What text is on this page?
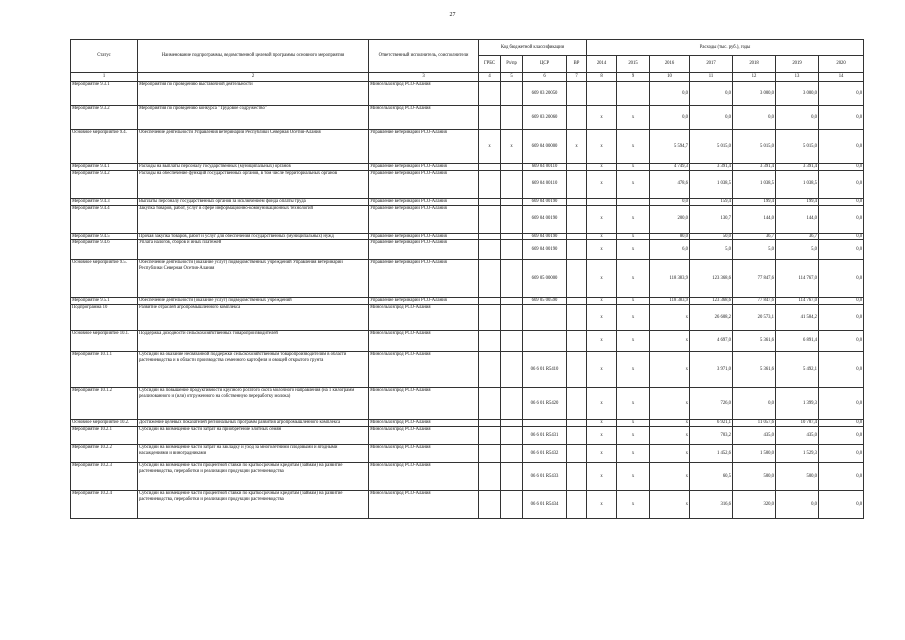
27
Статус	Наименование подпрограммы, ведомственной целевой программы основного мероприятия	Ответственный исполнитель, соисполнители	Код бюджетной классификации				Расходы (тыс. руб.), годы						
			ГРБС	Рз/пр	ЦСР	ВР	2014	2015	2016	2017	2018	2019	2020
1	2	3	4	5	6	7	8	9	10	11	12	13	14
Мероприятие 9.3.1	Мероприятия по проведению выставочной деятельности	Минсельхозпрод РСО-Алания			669 03 20050				0,0	0,0	3 000,0	3 000,0	0,0
Мероприятие 9.3.2	Мероприятия по проведению конкурса "Трудовое содружество"	Минсельхозпрод РСО-Алания			669 03 20060		x	x	0,0	0,0	0,0	0,0	0,0
Основное мероприятие 9.4.	Обеспечение деятельности Управления ветеринарии Республики Северная Осетия-Алания	Управление ветеринарии РСО-Алания	x	x	669 04 00000	x	x	x	5 594,7	5 015,0	5 015,0	5 015,0	0,0
Мероприятие 9.4.1	Расходы на выплаты персоналу государственных (муниципальных) органов	Управление ветеринарии РСО-Алания			669 04 00110		x	x	4 749,3	3 391,4	3 391,4	3 391,4	0,0
Мероприятие 9.4.2	Расходы на обеспечение функций государственных органов, в том числе территориальных органов	Управление ветеринарии РСО-Алания			669 04 00110		x	x	478,6	1 038,5	1 038,5	1 038,5	0,0
Мероприятие 9.4.3	Выплаты персоналу государственных органов за исключением фонда оплаты труда	Управление ветеринарии РСО-Алания			669 04 00190				0,0	159,4	199,4	199,4	0,0
Мероприятие 9.4.4	Закупка товаров, работ, услуг в сфере информационно-коммуникационных технологий	Управление ветеринарии РСО-Алания			669 04 00190		x	x	200,0	130,7	144,0	144,0	0,0
Мероприятие 9.4.5	Прочая закупка товаров, работ и услуг для обеспечения государственных (муниципальных) нужд	Управление ветеринарии РСО-Алания			669 04 00190		x	x	80,0	50,0	36,7	36,7	0,0
Мероприятие 9.4.6	Уплата налогов, сборов и иных платежей	Управление ветеринарии РСО-Алания			669 04 00190		x	x	6,0	5,0	5,0	5,0	0,0
Основное мероприятие 9.5.	Обеспечение деятельности (оказание услуг) подведомственных учреждений Управления ветеринарии Республики Северная Осетия-Алания	Управление ветеринарии РСО-Алания			669 05 00000		x	x	118 383,9	123 368,6	77 847,6	114 767,0	0,0
Мероприятие 9.5.1	Обеспечение деятельности (оказание услуг) подведомственных учреждений	Управление ветеринарии РСО-Алания			669 05 00590		x	x	118 383,9	123 368,6	77 847,6	114 767,0	0,0
Подпрограмма 10	Развитие отраслей агропромышленного комплекса	Минсельхозпрод РСО-Алания					x	x	x	26 608,2	20 573,1	41 584,2	0,0
Основное мероприятие 10.1.	Поддержка доходности сельскохозяйственных товаропроизводителей	Минсельхозпрод РСО-Алания					x	x	x	4 697,0	5 361,6	6 891,4	0,0
Мероприятие 10.1.1	Субсидии на оказание несвязанной поддержки сельскохозяйственным товаропроизводителям в области растениеводства и в области производства семенного картофеля и овощей открытого грунта	Минсельхозпрод РСО-Алания			06 6 01 R5410		x	x	x	3 971,0	5 361,6	5 492,1	0,0
Мероприятие 10.1.2	Субсидии на повышение продуктивности крупного рогатого скота молочного направления (на 1 килограмм реализованного и (или) отгруженного на собственную переработку молока)	Минсельхозпрод РСО-Алания			06 6 01 R5420		x	x	x	726,0	0,0	1 399,3	0,0
Основное мероприятие 10.2.	Достижение целевых показателей региональных программ развития агропромышленного комплекса	Минсельхозпрод РСО-Алания					x	x	x	6 921,1	11 057,6	10 787,4	0,0
Мероприятие 10.2.1	Субсидии на возмещение части затрат на приобретение элитных семян	Минсельхозпрод РСО-Алания			06 6 01 R5431		x	x	x	703,2	435,0	435,0	0,0
Мероприятие 10.2.2	Субсидии на возмещение части затрат на закладку и уход за многолетними плодовыми и ягодными насаждениями и виноградниками	Минсельхозпрод РСО-Алания			06 6 01 R5432		x	x	x	1 452,6	1 500,0	1 529,3	0,0
Мероприятие 10.2.3	Субсидии на возмещение части процентной ставки по краткосрочным кредитам (займам) на развитие растениеводства, переработки и реализации продукции растениеводства	Минсельхозпрод РСО-Алания			06 6 01 R5433		x	x	x	60,5	500,0	500,0	0,0
Мероприятие 10.2.4	Субсидии на возмещение части процентной ставки по краткосрочным кредитам (займам) на развитие растениеводства, переработки и реализации продукции растениеводства	Минсельхозпрод РСО-Алания			06 6 01 R5434		x	x	x	316,6	320,0	0,0	0,0
